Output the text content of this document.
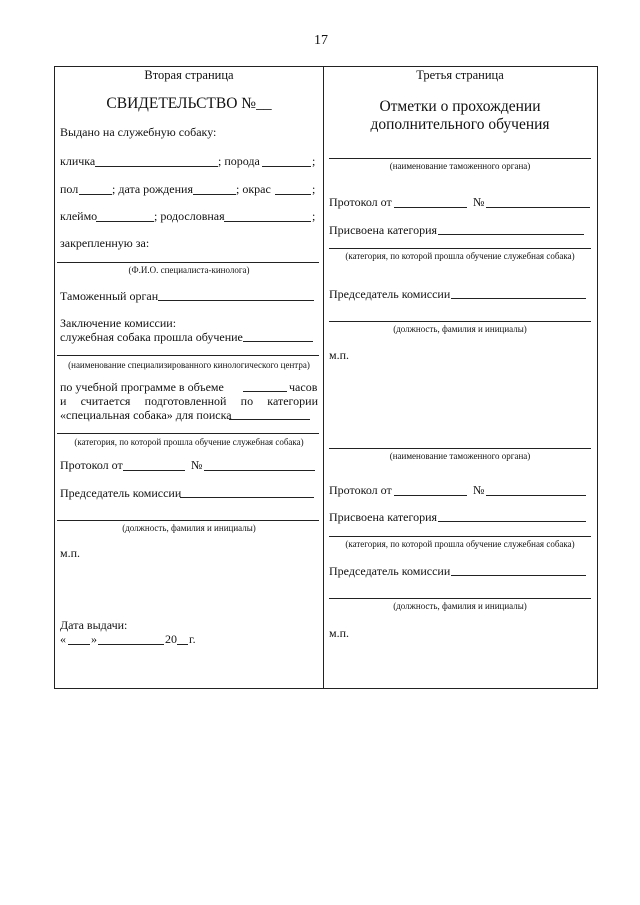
17
Вторая страница
СВИДЕТЕЛЬСТВО №__
Выдано на служебную собаку:
кличка	; порода	;
пол	; дата рождения	; окрас	;
клеймо	; родословная	;
закрепленную за:
(Ф.И.О. специалиста-кинолога)
Таможенный орган
Заключение комиссии:
служебная собака прошла обучение
(наименование специализированного кинологического центра)
по учебной программе в объеме	часов
и считается подготовленной по категории
«специальная собака» для поиска
(категория, по которой прошла обучение служебная собака)
Протокол от	№
Председатель комиссии
(должность, фамилия и инициалы)
м.п.
Дата выдачи:
« »	20 г.
Третья страница
Отметки о прохождении
дополнительного обучения
(наименование таможенного органа)
Протокол от	№
Присвоена категория
(категория, по которой прошла обучение служебная собака)
Председатель комиссии
(должность, фамилия и инициалы)
м.п.
(наименование таможенного органа)
Протокол от	№
Присвоена категория
(категория, по которой прошла обучение служебная собака)
Председатель комиссии
(должность, фамилия и инициалы)
м.п.
